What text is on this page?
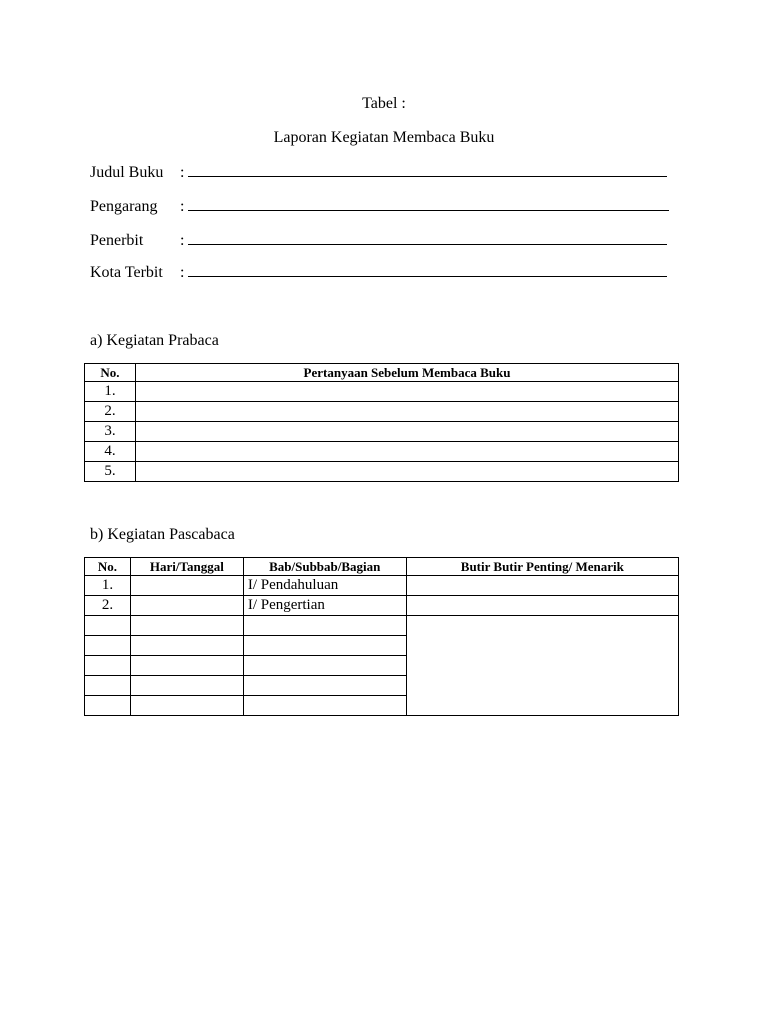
Tabel :
Laporan Kegiatan Membaca Buku
Judul Buku :
Pengarang :
Penerbit :
Kota Terbit :
a) Kegiatan Prabaca
No.	Pertanyaan Sebelum Membaca Buku
1.	
2.	
3.	
4.	
5.	
b) Kegiatan Pascabaca
No.	Hari/Tanggal	Bab/Subbab/Bagian	Butir Butir Penting/ Menarik
1.		I/ Pendahuluan	
2.		I/ Pengertian	
